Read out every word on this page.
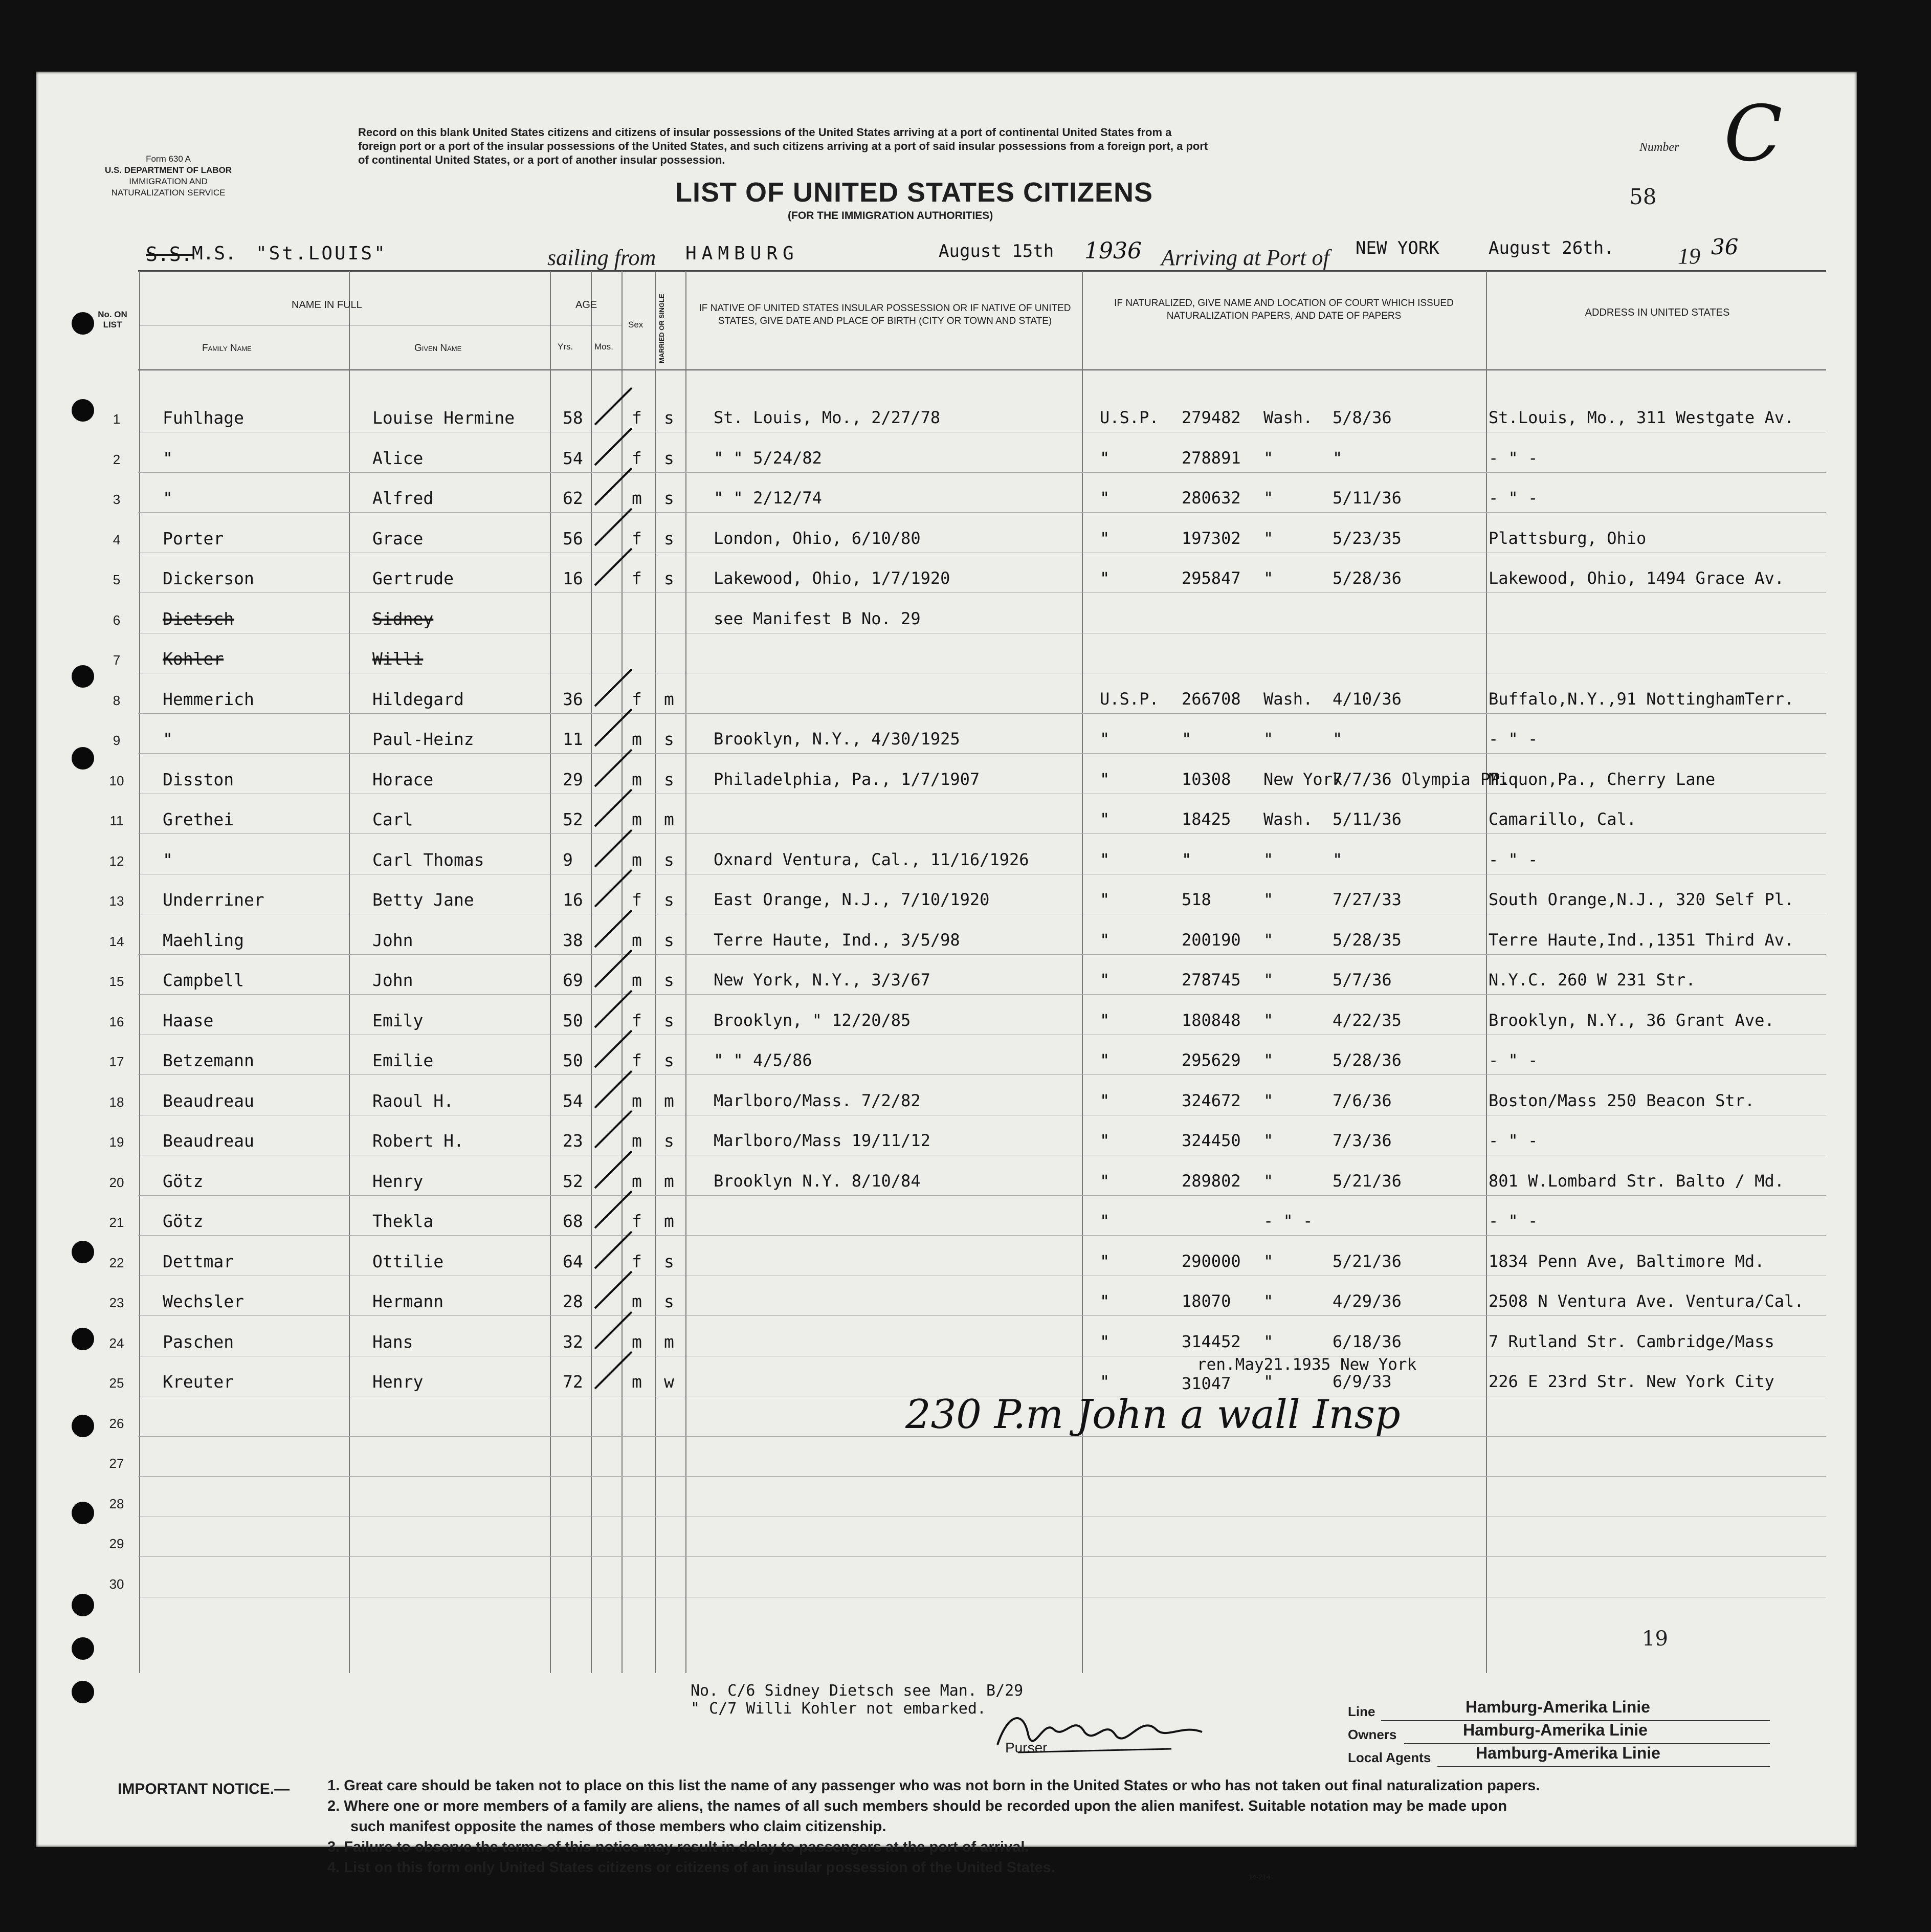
Form 630 A
U.S. DEPARTMENT OF LABOR
IMMIGRATION AND
NATURALIZATION SERVICE
Record on this blank United States citizens and citizens of insular possessions of the United States arriving at a port of continental United States from a
foreign port or a port of the insular possessions of the United States, and such citizens arriving at a port of said insular possessions from a foreign port, a port
of continental United States, or a port of another insular possession.
Number C
58
LIST OF UNITED STATES CITIZENS
(FOR THE IMMIGRATION AUTHORITIES)
S.S.
M.S. "St.LOUIS"	sailing from HAMBURG	August 15th 1936 Arriving at Port of NEW YORK	August 26th.	19 36
No. ON LIST
NAME IN FULL
Family Name	Given Name
AGE
Yrs. Mos.
Sex MARRIED OR SINGLE	IF NATIVE OF UNITED STATES INSULAR POSSESSION OR IF NATIVE OF UNITED STATES, GIVE DATE AND PLACE OF BIRTH (CITY OR TOWN AND STATE)
IF NATURALIZED, GIVE NAME AND LOCATION OF COURT WHICH ISSUED NATURALIZATION PAPERS, AND DATE OF PAPERS	ADDRESS IN UNITED STATES
1	Fuhlhage	Louise Hermine	58	f s St. Louis, Mo., 2/27/78	U.S.P. 279482 Wash. 5/8/36	St.Louis, Mo., 311 Westgate Av.
2	"	Alice	54	f s " " 5/24/82	"	278891 "	"	- " -
3	"	Alfred	62	m s " " 2/12/74	"	280632 "	5/11/36	- " -
4	Porter	Grace	56	f s London, Ohio, 6/10/80	"	197302 "	5/23/35	Plattsburg, Ohio
5	Dickerson	Gertrude	16	f s Lakewood, Ohio, 1/7/1920	"	295847 "	5/28/36	Lakewood, Ohio, 1494 Grace Av.
6	Dietsch	Sidney	see Manifest B No. 29
7	Kohler	Willi
8	Hemmerich	Hildegard	36	f m	U.S.P. 266708 Wash. 4/10/36	Buffalo,N.Y.,91 NottinghamTerr.
9	"	Paul-Heinz	11	m s Brooklyn, N.Y., 4/30/1925	"	"	"	"	- " -
10	Disston	Horace	29	m s Philadelphia, Pa., 1/7/1907	"	10308 New York
7/7/36 Olympia PP.
Miquon,Pa., Cherry Lane
11	Grethei	Carl	52	m m	"	18425 Wash. 5/11/36	Camarillo, Cal.
12	"	Carl Thomas	9	m s Oxnard Ventura, Cal., 11/16/1926	"	"	"	"	- " -
13	Underriner	Betty Jane	16	f s East Orange, N.J., 7/10/1920	"	518	"	7/27/33	South Orange,N.J., 320 Self Pl.
14	Maehling	John	38	m s Terre Haute, Ind., 3/5/98	"	200190 "	5/28/35	Terre Haute,Ind.,1351 Third Av.
15	Campbell	John	69	m s New York, N.Y., 3/3/67	"	278745 "	5/7/36	N.Y.C. 260 W 231 Str.
16	Haase	Emily	50	f s Brooklyn, " 12/20/85	"	180848 "	4/22/35	Brooklyn, N.Y., 36 Grant Ave.
17	Betzemann	Emilie	50	f s " " 4/5/86	"	295629 "	5/28/36	- " -
18	Beaudreau	Raoul H.	54	m m Marlboro/Mass. 7/2/82	"	324672 "	7/6/36	Boston/Mass 250 Beacon Str.
19	Beaudreau	Robert H.	23	m s Marlboro/Mass 19/11/12	"	324450 "	7/3/36	- " -
20	Götz	Henry	52	m m Brooklyn N.Y. 8/10/84	"	289802 "	5/21/36	801 W.Lombard Str. Balto / Md.
21	Götz	Thekla	68	f m	"	- " -	- " -
22	Dettmar	Ottilie	64	f s	"	290000 "	5/21/36	1834 Penn Ave, Baltimore Md.
23	Wechsler	Hermann	28	m s	"	18070 "	4/29/36	2508 N Ventura Ave. Ventura/Cal.
24	Paschen	Hans	32	m m	"	314452 "	6/18/36	7 Rutland Str. Cambridge/Mass
25	Kreuter	Henry	72	m w	"	31047 "	6/9/33	226 E 23rd Str. New York City
ren.May21.1935 New York
26
27
28
29
30
230 P.m John a wall Insp
19
No. C/6 Sidney Dietsch see Man. B/29
" C/7 Willi Kohler not embarked.
Purser.
Line	Hamburg-Amerika Linie
Owners	Hamburg-Amerika Linie
Local Agents	Hamburg-Amerika Linie
IMPORTANT NOTICE.—	1. Great care should be taken not to place on this list the name of any passenger who was not born in the United States or who has not taken out final naturalization papers.

2. Where one or more members of a family are aliens, the names of all such members should be recorded upon the alien manifest. Suitable notation may be made upon

such manifest opposite the names of those members who claim citizenship.

3. Failure to observe the terms of this notice may result in delay to passengers at the port of arrival.

4. List on this form only United States citizens or citizens of an insular possession of the United States.

14-214
